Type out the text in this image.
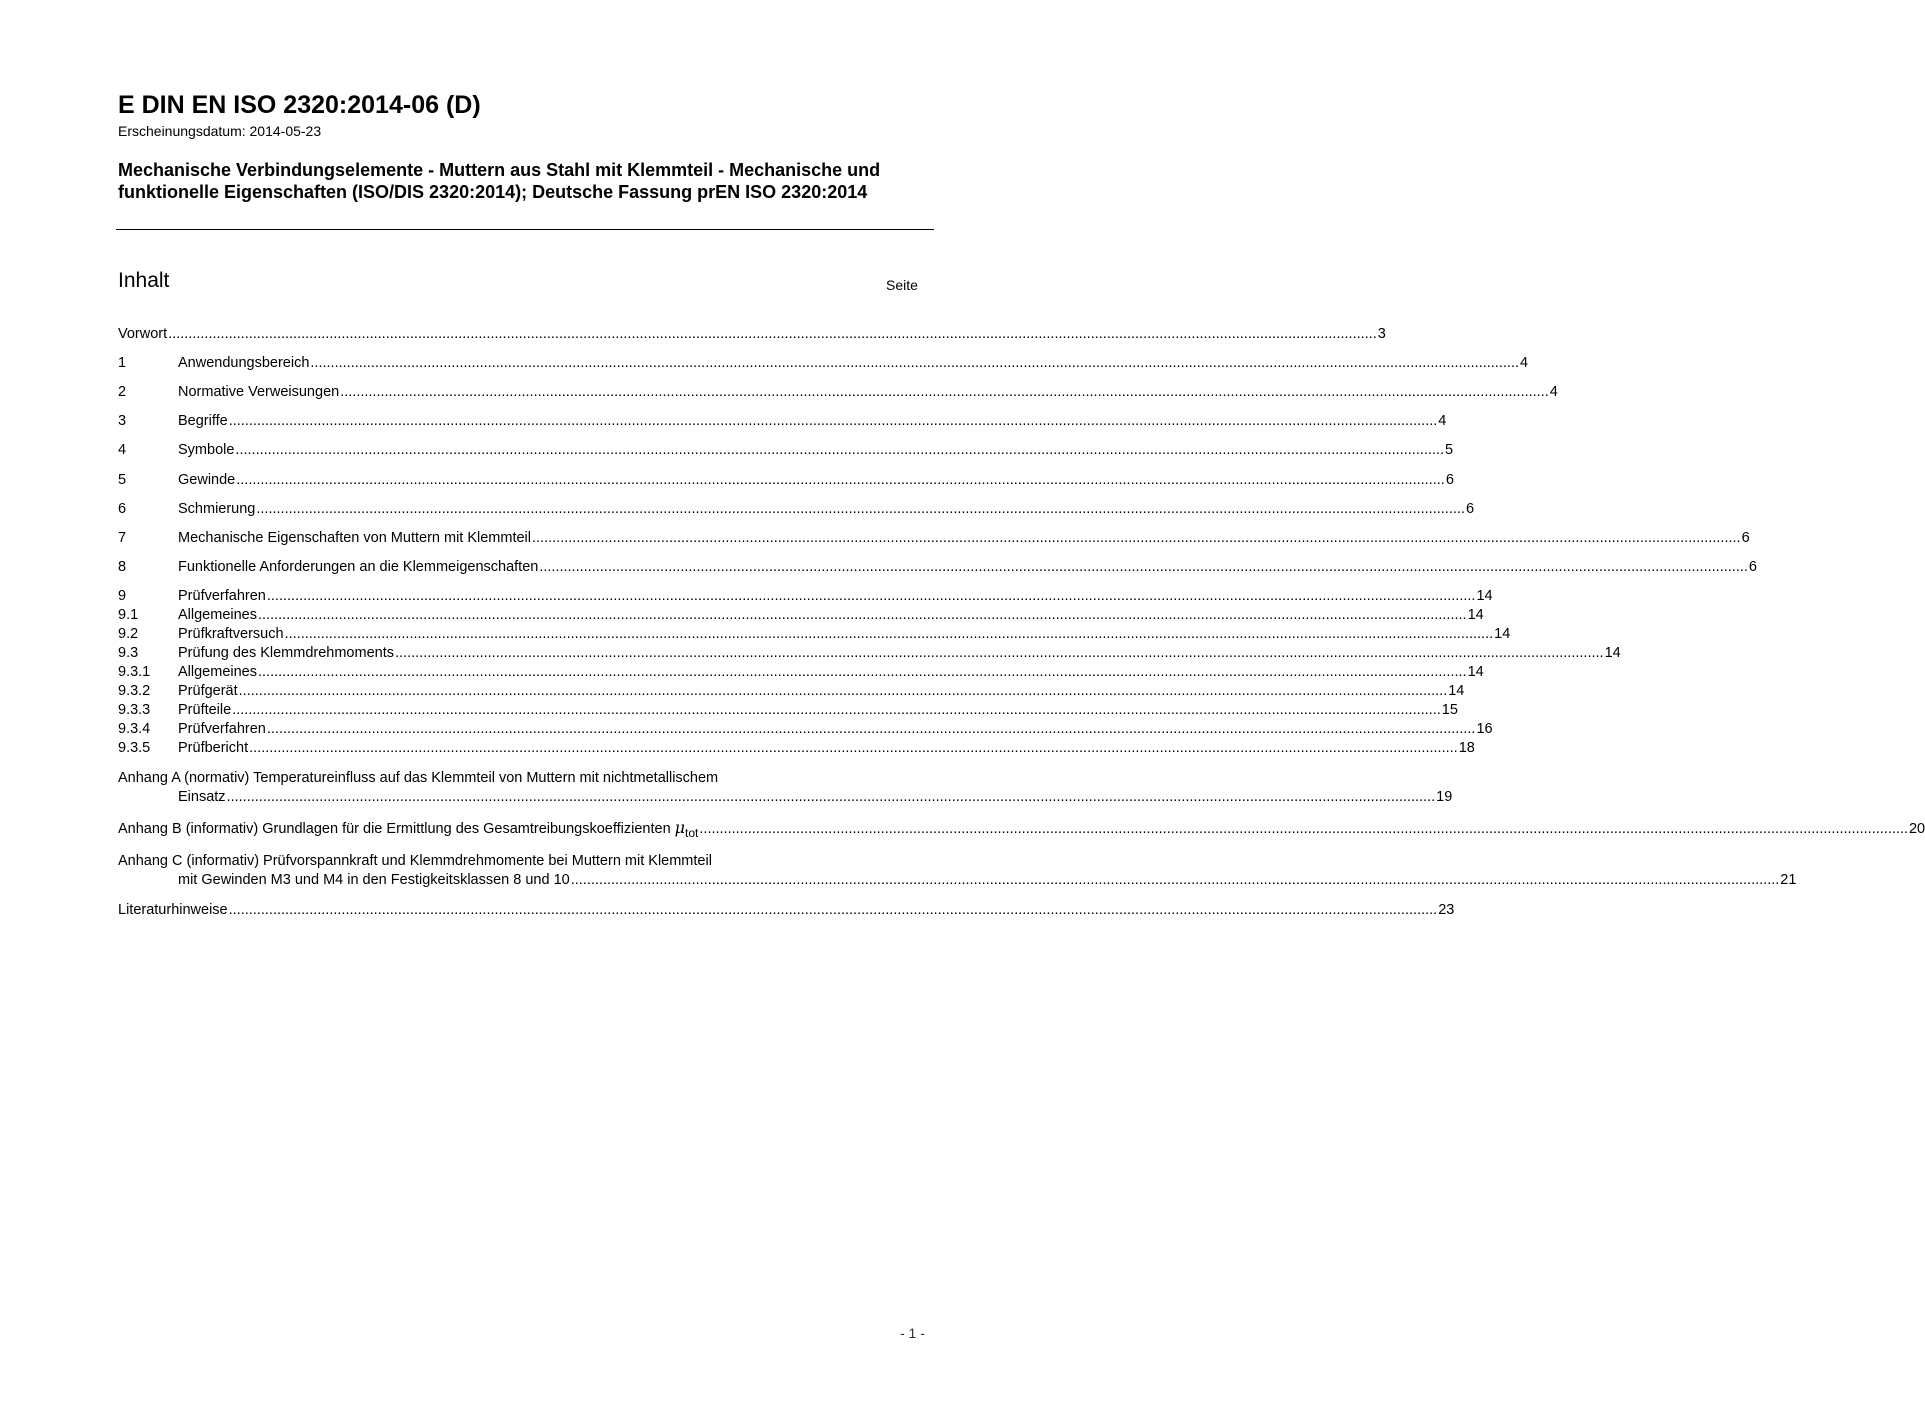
E DIN EN ISO 2320:2014-06 (D)
Erscheinungsdatum: 2014-05-23
Mechanische Verbindungselemente - Muttern aus Stahl mit Klemmteil - Mechanische und funktionelle Eigenschaften (ISO/DIS 2320:2014); Deutsche Fassung prEN ISO 2320:2014
Inhalt	Seite
Vorwort ............................................................................................................................................................................................................................................................................................................ 3
1	Anwendungsbereich ............................................................................................................................................................................................................................................................................................................ 4
2	Normative Verweisungen ............................................................................................................................................................................................................................................................................................................ 4
3	Begriffe ............................................................................................................................................................................................................................................................................................................ 4
4	Symbole ............................................................................................................................................................................................................................................................................................................ 5
5	Gewinde ............................................................................................................................................................................................................................................................................................................ 6
6	Schmierung ............................................................................................................................................................................................................................................................................................................ 6
7	Mechanische Eigenschaften von Muttern mit Klemmteil ............................................................................................................................................................................................................................................................................................................ 6
8	Funktionelle Anforderungen an die Klemmeigenschaften ............................................................................................................................................................................................................................................................................................................ 6
9	Prüfverfahren ............................................................................................................................................................................................................................................................................................................ 14
9.1	Allgemeines ............................................................................................................................................................................................................................................................................................................ 14
9.2	Prüfkraftversuch ............................................................................................................................................................................................................................................................................................................ 14
9.3	Prüfung des Klemmdrehmoments ............................................................................................................................................................................................................................................................................................................ 14
9.3.1 Allgemeines ............................................................................................................................................................................................................................................................................................................ 14
9.3.2 Prüfgerät ............................................................................................................................................................................................................................................................................................................ 14
9.3.3 Prüfteile ............................................................................................................................................................................................................................................................................................................ 15
9.3.4 Prüfverfahren ............................................................................................................................................................................................................................................................................................................ 16
9.3.5 Prüfbericht ............................................................................................................................................................................................................................................................................................................ 18
Anhang A (normativ) Temperatureinfluss auf das Klemmteil von Muttern mit nichtmetallischem
Einsatz ............................................................................................................................................................................................................................................................................................................ 19
Anhang B (informativ) Grundlagen für die Ermittlung des Gesamtreibungskoeffizienten $\mu_{tot}$ ............................................................................................................................................................................................................................................................................................................ 20
Anhang C (informativ) Prüfvorspannkraft und Klemmdrehmomente bei Muttern mit Klemmteil
mit Gewinden M3 und M4 in den Festigkeitsklassen 8 und 10 ............................................................................................................................................................................................................................................................................................................ 21
Literaturhinweise ............................................................................................................................................................................................................................................................................................................ 23
- 1 -
